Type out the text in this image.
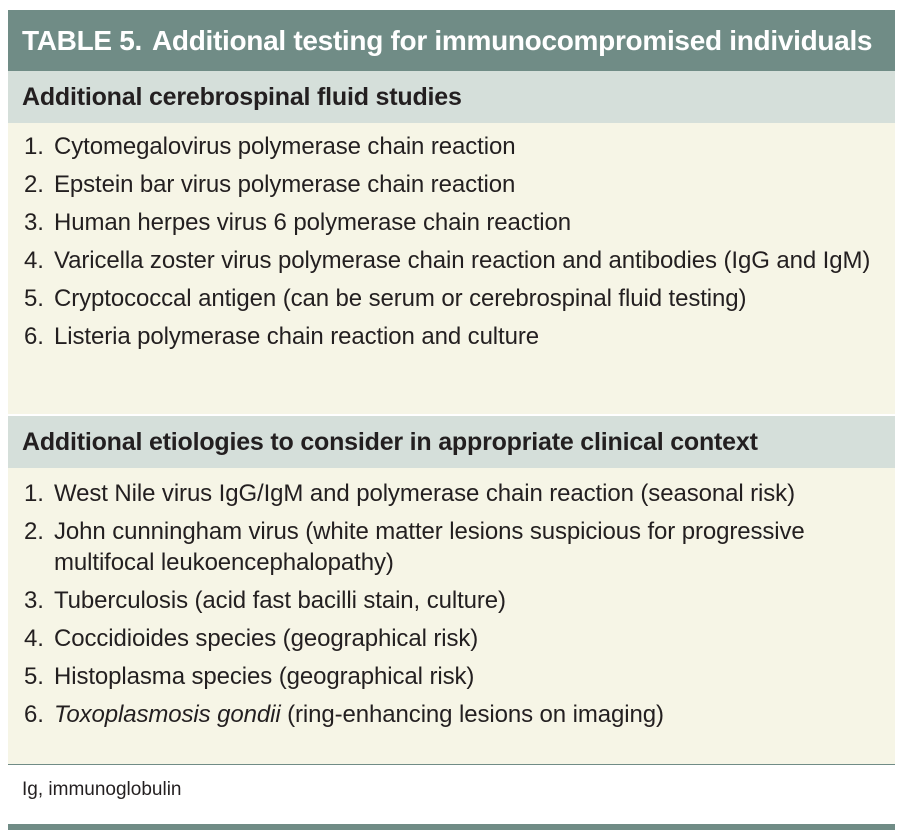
TABLE 5. Additional testing for immunocompromised individuals
Additional cerebrospinal fluid studies
1. Cytomegalovirus polymerase chain reaction
2. Epstein bar virus polymerase chain reaction
3. Human herpes virus 6 polymerase chain reaction
4. Varicella zoster virus polymerase chain reaction and antibodies (IgG and IgM)
5. Cryptococcal antigen (can be serum or cerebrospinal fluid testing)
6. Listeria polymerase chain reaction and culture
Additional etiologies to consider in appropriate clinical context
1. West Nile virus IgG/IgM and polymerase chain reaction (seasonal risk)
2. John cunningham virus (white matter lesions suspicious for progressive multifocal leukoencephalopathy)
3. Tuberculosis (acid fast bacilli stain, culture)
4. Coccidioides species (geographical risk)
5. Histoplasma species (geographical risk)
6. Toxoplasmosis gondii (ring-enhancing lesions on imaging)
Ig, immunoglobulin
